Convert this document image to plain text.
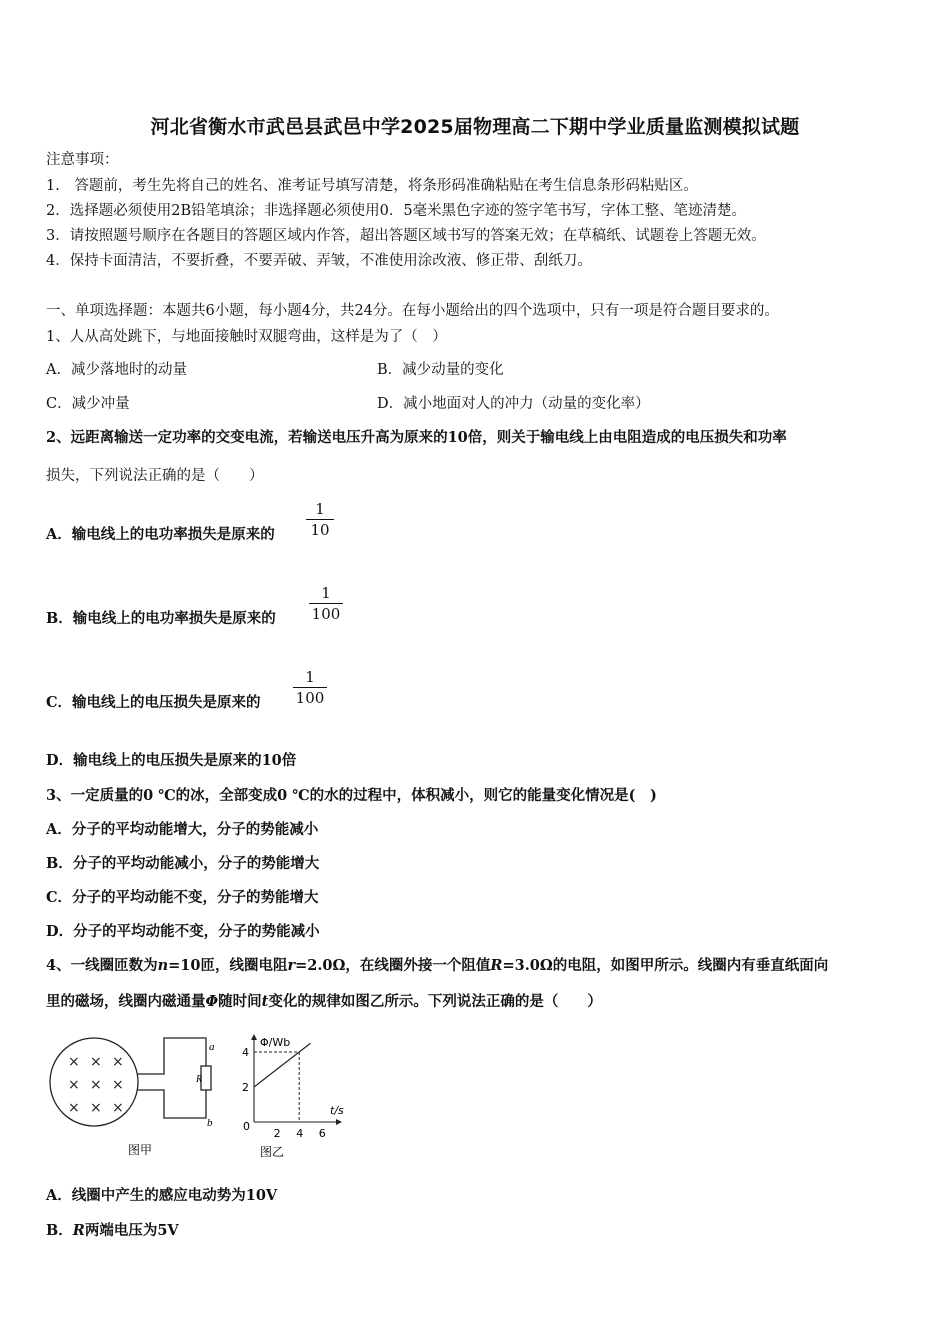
河北省衡水市武邑县武邑中学2025届物理高二下期中学业质量监测模拟试题
注意事项：
1.　答题前，考生先将自己的姓名、准考证号填写清楚，将条形码准确粘贴在考生信息条形码粘贴区。
2．选择题必须使用2B铅笔填涂；非选择题必须使用0．5毫米黑色字迹的签字笔书写，字体工整、笔迹清楚。
3．请按照题号顺序在各题目的答题区域内作答，超出答题区域书写的答案无效；在草稿纸、试题卷上答题无效。
4．保持卡面清洁，不要折叠，不要弄破、弄皱，不准使用涂改液、修正带、刮纸刀。
一、单项选择题：本题共6小题，每小题4分，共24分。在每小题给出的四个选项中，只有一项是符合题目要求的。
1、人从高处跳下，与地面接触时双腿弯曲，这样是为了（　）
A．减少落地时的动量	B．减少动量的变化
C．减少冲量	D．减小地面对人的冲力（动量的变化率）
2、远距离输送一定功率的交变电流，若输送电压升高为原来的10倍，则关于输电线上由电阻造成的电压损失和功率
损失，下列说法正确的是（　　）
A．输电线上的电功率损失是原来的 $\frac{1}{10}$
B．输电线上的电功率损失是原来的 $\frac{1}{100}$
C．输电线上的电压损失是原来的 $\frac{1}{100}$
D．输电线上的电压损失是原来的10倍
3、一定质量的0 ℃的冰，全部变成0 ℃的水的过程中，体积减小，则它的能量变化情况是(　)
A．分子的平均动能增大，分子的势能减小
B．分子的平均动能减小，分子的势能增大
C．分子的平均动能不变，分子的势能增大
D．分子的平均动能不变，分子的势能减小
4、一线圈匝数为n=10匝，线圈电阻r=2.0Ω，在线圈外接一个阻值R=3.0Ω的电阻，如图甲所示。线圈内有垂直纸面向
里的磁场，线圈内磁通量Φ随时间t变化的规律如图乙所示。下列说法正确的是（　　）
R
a
b
× × ×
× × ×
× × ×
图甲
Φ/Wb
t/s
0
2 4 6
2
4
图乙
A．线圈中产生的感应电动势为10V
B．R两端电压为5V
